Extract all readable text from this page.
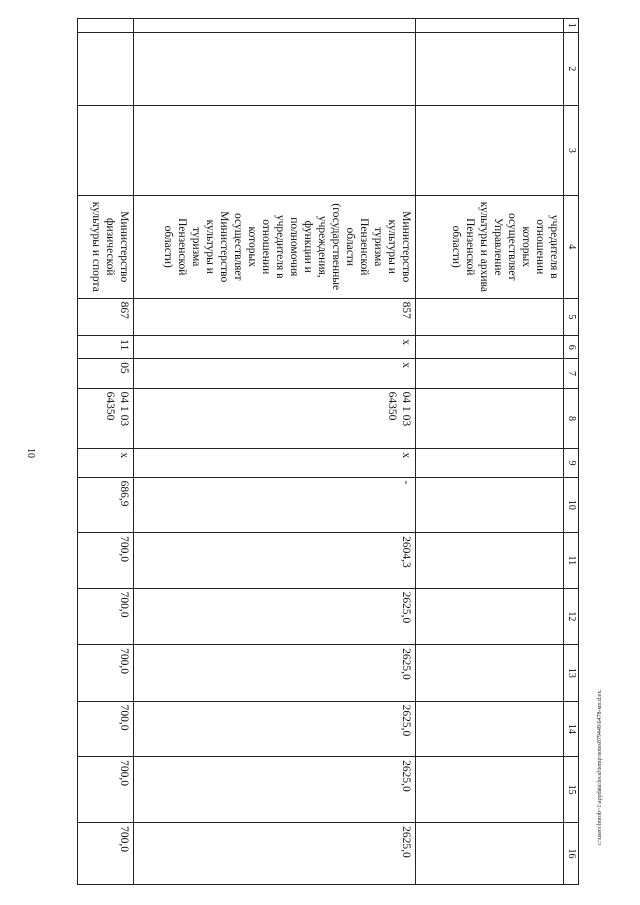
10
c:\users\borob~1\appdata\local\temp\notes879448\6478-мп.d.ex.
1	2	3	4	5	6	7	8	9	10	11	12	13	14	15	16
			учредителя в отношении которых осуществляет Управление культуры и архива Пензенской области)												
			Министерство культуры и туризма Пензенской области (государственные учреждения, функции и полномочия учредителя в отношении которых осуществляет Министерство культуры и туризма Пензенской области)	857	х	х	04 1 03 64350	х	-	2604,3	2625,0	2625,0	2625,0	2625,0	2625,0
			Министерство физической культуры и спорта	867	11	05	04 1 03 64350	х	686,9	700,0	700,0	700,0	700,0	700,0	700,0
